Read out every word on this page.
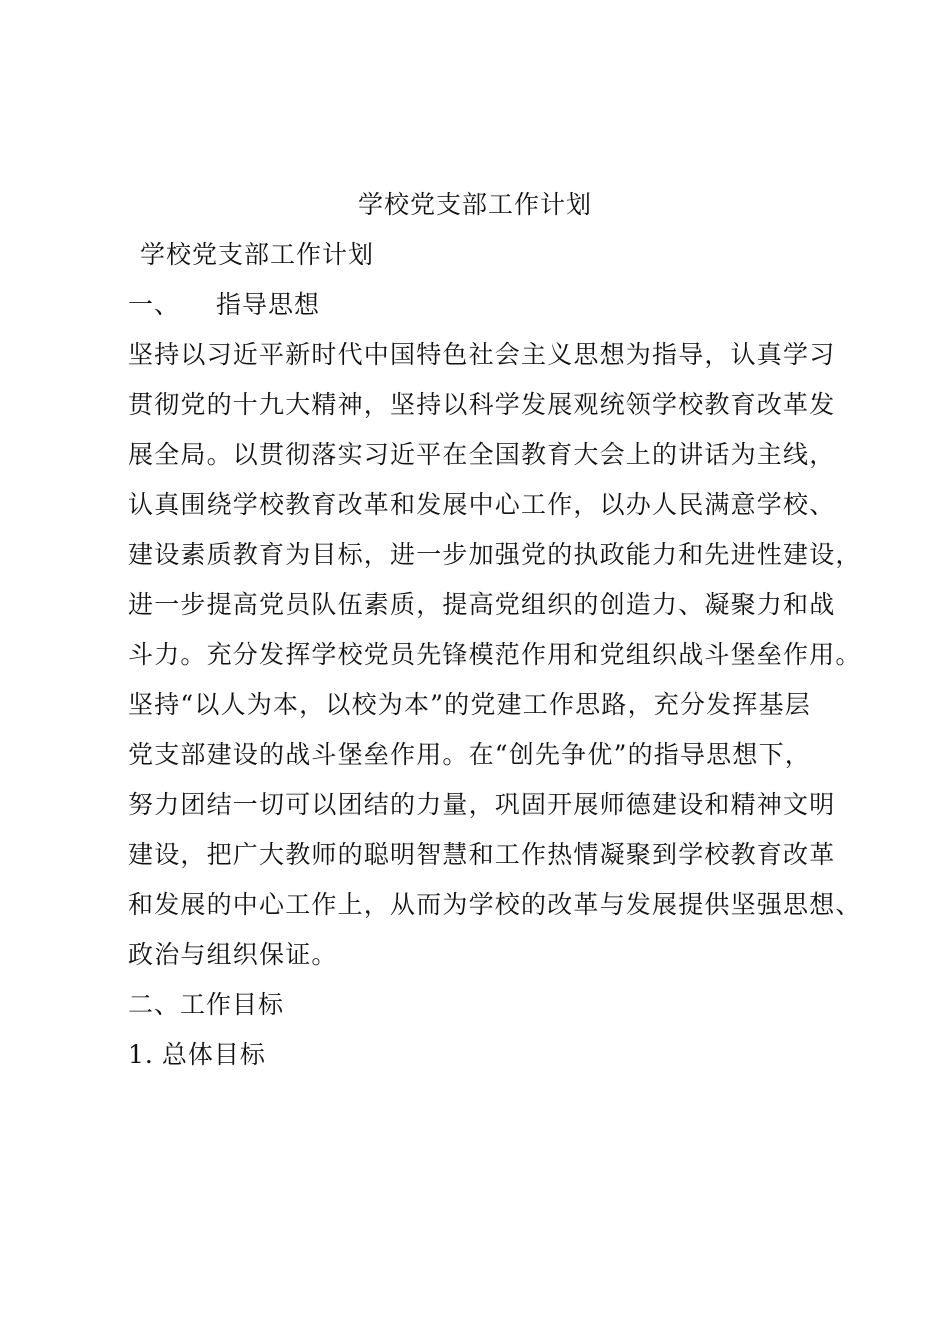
学校党支部工作计划
学校党支部工作计划
一、 指导思想
坚持以习近平新时代中国特色社会主义思想为指导，认真学习
贯彻党的十九大精神，坚持以科学发展观统领学校教育改革发
展全局。以贯彻落实习近平在全国教育大会上的讲话为主线，
认真围绕学校教育改革和发展中心工作，以办人民满意学校、
建设素质教育为目标，进一步加强党的执政能力和先进性建设，
进一步提高党员队伍素质，提高党组织的创造力、凝聚力和战
斗力。充分发挥学校党员先锋模范作用和党组织战斗堡垒作用。
坚持“以人为本，以校为本”的党建工作思路，充分发挥基层
党支部建设的战斗堡垒作用。在“创先争优”的指导思想下，
努力团结一切可以团结的力量，巩固开展师德建设和精神文明
建设，把广大教师的聪明智慧和工作热情凝聚到学校教育改革
和发展的中心工作上，从而为学校的改革与发展提供坚强思想、
政治与组织保证。
二、工作目标
1. 总体目标
